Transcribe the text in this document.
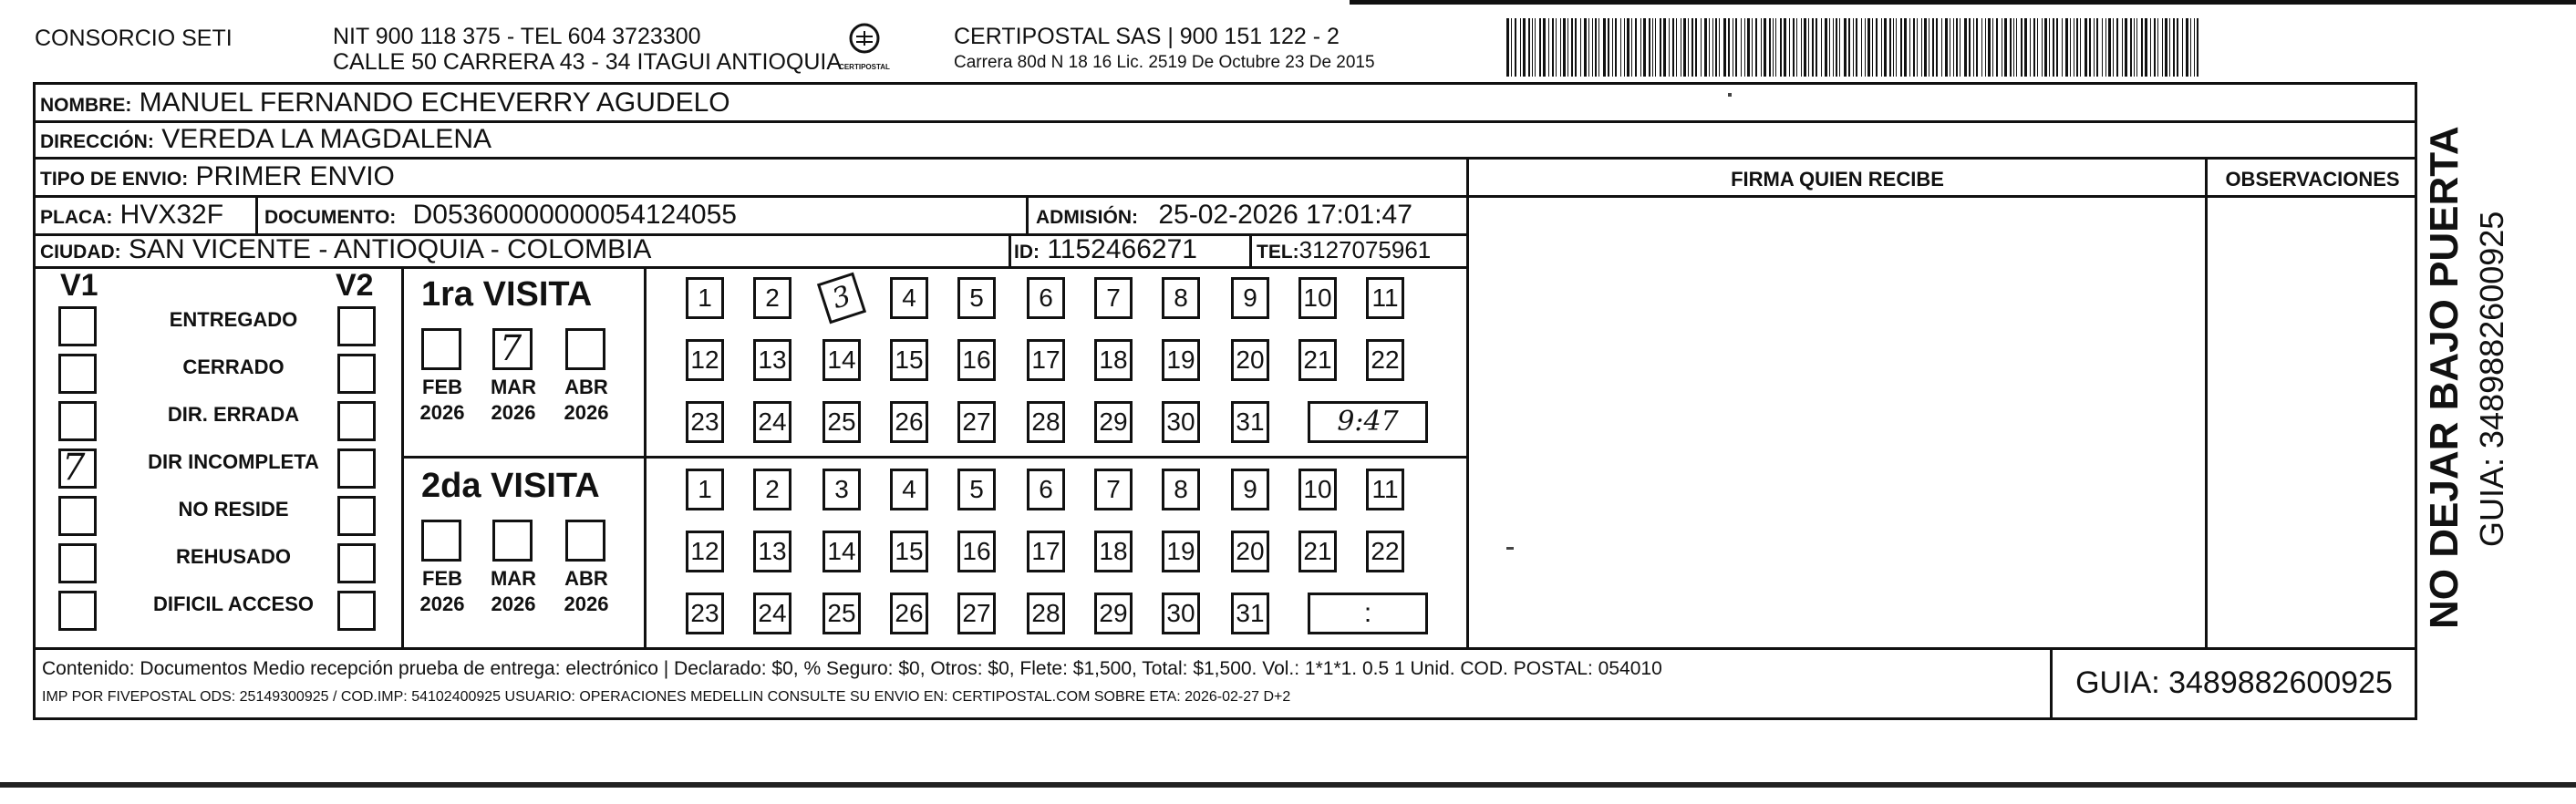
CONSORCIO SETI	NIT 900 118 375 - TEL 604 3723300
CALLE 50 CARRERA 43 - 34 ITAGUI ANTIOQUIA
CERTIPOSTAL
CERTIPOSTAL SAS | 900 151 122 - 2
Carrera 80d N 18 16 Lic. 2519 De Octubre 23 De 2015
NOMBRE: MANUEL FERNANDO ECHEVERRY AGUDELO
DIRECCIÓN: VEREDA LA MAGDALENA
TIPO DE ENVIO: PRIMER ENVIO	FIRMA QUIEN RECIBE	OBSERVACIONES
PLACA: HVX32F DOCUMENTO: D05360000000054124055	ADMISIÓN: 25-02-2026 17:01:47
CIUDAD: SAN VICENTE - ANTIOQUIA - COLOMBIA	ID: 1152466271	TEL:3127075961
V1	V2
ENTREGADO
CERRADO
DIR. ERRADA
DIR INCOMPLETA
7
NO RESIDE
REHUSADO
DIFICIL ACCESO
1ra VISITA
2da VISITA
FEB
2026
7
MAR
2026
ABR
2026
1	2	3	4	5	6	7	8	9	10 11
12 13 14 15 16 17 18 19 20 21 22
23 24 25 26 27 28 29 30 31	9:47
FEB
2026
MAR
2026
ABR
2026
1	2	3	4	5	6	7	8	9	10 11
12 13 14 15 16 17 18 19 20 21 22
23 24 25 26 27 28 29 30 31	:
Contenido: Documentos Medio recepción prueba de entrega: electrónico | Declarado: $0, % Seguro: $0, Otros: $0, Flete: $1,500, Total: $1,500. Vol.: 1*1*1. 0.5 1 Unid. COD. POSTAL: 054010
IMP POR FIVEPOSTAL ODS: 25149300925 / COD.IMP: 54102400925 USUARIO: OPERACIONES MEDELLIN CONSULTE SU ENVIO EN: CERTIPOSTAL.COM SOBRE ETA: 2026-02-27 D+2	GUIA: 3489882600925
NO DEJAR BAJO PUERTA GUIA: 3489882600925
